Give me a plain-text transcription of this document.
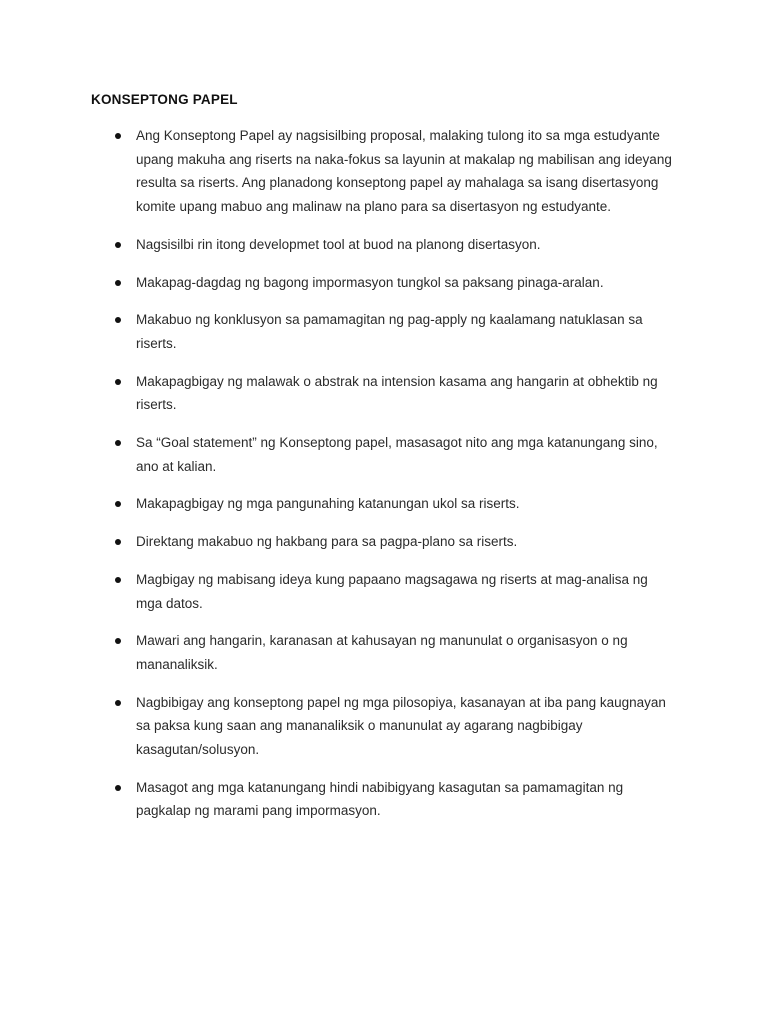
KONSEPTONG PAPEL
Ang Konseptong Papel ay nagsisilbing proposal, malaking tulong ito sa mga estudyante upang makuha ang riserts na naka-fokus sa layunin at makalap ng mabilisan ang ideyang resulta sa riserts. Ang planadong konseptong papel ay mahalaga sa isang disertasyong komite upang mabuo ang malinaw na plano para sa disertasyon ng estudyante.
Nagsisilbi rin itong developmet tool at buod na planong disertasyon.
Makapag-dagdag ng bagong impormasyon tungkol sa paksang pinaga-aralan.
Makabuo ng konklusyon sa pamamagitan ng pag-apply ng kaalamang natuklasan sa riserts.
Makapagbigay ng malawak o abstrak na intension kasama ang hangarin at obhektib ng riserts.
Sa “Goal statement” ng Konseptong papel, masasagot nito ang mga katanungang sino, ano at kalian.
Makapagbigay ng mga pangunahing katanungan ukol sa riserts.
Direktang makabuo ng hakbang para sa pagpa-plano sa riserts.
Magbigay ng mabisang ideya kung papaano magsagawa ng riserts at mag-analisa ng mga datos.
Mawari ang hangarin, karanasan at kahusayan ng manunulat o organisasyon o ng mananaliksik.
Nagbibigay ang konseptong papel ng mga pilosopiya, kasanayan at iba pang kaugnayan sa paksa kung saan ang mananaliksik o manunulat ay agarang nagbibigay kasagutan/solusyon.
Masagot ang mga katanungang hindi nabibigyang kasagutan sa pamamagitan ng pagkalap ng marami pang impormasyon.
